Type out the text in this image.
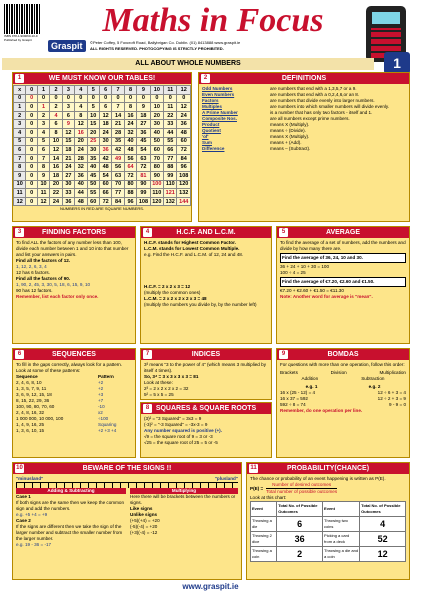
ISBN 978-1-909060-10-9
Published by Graspit
Maths in Focus
Graspit	©Peter Coffey, 5 Foxcroft Road, Ballybrigan Co. Dublin. (01) 8413888 www.graspit.ie
ALL RIGHTS RESERVED. PHOTOCOPYING IS STRICTLY PROHIBITED.
ALL ABOUT WHOLE NUMBERS	1
1	WE MUST KNOW OUR TABLES!
x	0	1	2	3	4	5	6	7	8	9	10	11	12
0	0	0	0	0	0	0	0	0	0	0	0	0	0
1	0	1	2	3	4	5	6	7	8	9	10	11	12
2	0	2	4	6	8	10	12	14	16	18	20	22	24
3	0	3	6	9	12	15	18	21	24	27	30	33	36
4	0	4	8	12	16	20	24	28	32	36	40	44	48
5	0	5	10	15	20	25	30	35	40	45	50	55	60
6	0	6	12	18	24	30	36	42	48	54	60	66	72
7	0	7	14	21	28	35	42	49	56	63	70	77	84
8	0	8	16	24	32	40	48	56	64	72	80	88	96
9	0	9	18	27	36	45	54	63	72	81	90	99	108
10	0	10	20	30	40	50	60	70	80	90	100	110	120
11	0	11	22	33	44	55	66	77	88	99	110	121	132
12	0	12	24	36	48	60	72	84	96	108	120	132	144
NUMBERS IN RED ARE SQUARE NUMBERS.
2	DEFINITIONS
Odd Numbers	are numbers that end with a 1,3,5,7 or a 9.
Even Numbers	are numbers that end with a 0,2,4,6,or an 8.
Factors	are numbers that divide evenly into larger numbers.
Multiples	are numbers into which smaller numbers will divide evenly.
A Prime Number	is a number that has only two factors - itself and 1.
Composite Nos.	are all numbers except prime numbers.
Product	means X (Multiply).
Quotient	means ÷ (Divide).
'of'	means X (Multiply).
Sum	means + (Add).
Difference	means – (Subtract).
3	FINDING FACTORS
To find ALL the factors of any number less than 100, divide each number between 1 and 10 into that number and list your answers in pairs.
Find all the factors of 12.
1, 12, 2, 6, 3, 4
12 has 6 factors.
Find all the factors of 90.
1, 90, 2, 45, 3, 30, 5, 18, 6, 15, 9, 10
90 has 12 factors.
Remember, list each factor only once.
4	H.C.F. AND L.C.M.
H.C.F. stands for Highest Common Factor.
L.C.M. stands for Lowest Common Multiple.
e.g. Find the H.C.F. and L.C.M. of 12, 24 and 48.
H.C.F. = 2 x 2 x 3 = 12
(multiply the common ones)
L.C.M. = 2 x 2 x 2 x 2 x 3 = 48
(multiply the numbers you divide by, by the number left)
5	AVERAGE
To find the average of a set of numbers, add the numbers and divide by how many there are.
Find the average of 36, 24, 10 and 30.
36 + 24 + 10 + 30 = 100
100 ÷ 4 = 25
Find the average of €7.20, €2.60 and €1.50.
€7.20 + €2.60 + €1.50 = €11.30
Note: Another word for average is "mean".
6	SEQUENCES
To fill in the gaps correctly, always look for a pattern. Look at some of these patterns:
Sequence	Pattern
2, 4, 6, 8, 10	+2
1, 3, 5, 7, 9, 11	+2
3, 6, 9, 12, 15, 18	+3
8, 15, 22, 29, 36	+7
100, 90, 80, 70, 60	-10
2, 4, 8, 16, 32	x2
1 000 000, 10 000, 100	÷100
1, 4, 9, 16, 25	Squaring
1, 3, 6, 10, 15	+2 +3 +4
7	INDICES
3³ means "3 to the power of 4" (which means 3 multiplied by itself 4 times).
So, 3⁴ = 3 x 3 x 3 x 3 = 81
Look at these:
2³ = 2 x 2 x 2 x 2 = 32
5² = 5 x 5 = 25
8 SQUARES & SQUARE ROOTS
(3)² = "3 Squared" = 3x3 = 9
(-3)² = "-3 Squared" = -3x-3 = 9
Any number squared is positive (+).
√9 = the square root of 9 = 3 or -3
√25 = the square root of 25 = 5 or -5
9	BOMDAS
For questions with more than one operation, follow this order:
Brackets	Division	Multiplication
Addition	Subtraction
e.g. 1	e.g. 2
16 x (25 - 12) = 4	12 ÷ 6 + 3 = 4
16 x 37 = 592	12 ÷ 2 + 3 = 9
592 ÷ 8 = 74	9 - 9 = 0
Remember, do one operation per line.
10	BEWARE OF THE SIGNS !!
"minusland"	"plusland"
Adding & Subtracting
Case 1
If both signs are the same then we keep the common sign and add the numbers.
e.g. +5 +4 = +9
Case 2
If the signs are different then we take the sign of the larger number and subtract the smaller number from the larger number.
e.g. 19 - 36 = -17
Multiplying
Here there will be brackets between the numbers or signs.
Like signs
Unlike signs
(+5)(+4) = +20
(-5)(-4) = +20
(+3)(-4) = -12
11	PROBABILITY(CHANCE)
The chance or probability of an event happening is written as P(E).
P(E) =
Number of desired outcomes
Total number of possible outcomes
Look at this chart:
Event	Total No. of Possible Outcomes	Event	Total No. of Possible Outcomes
Throwing a die	6	Throwing two coins	4
Throwing 2 dice	36	Picking a card from a deck	52
Throwing a coin	2	Throwing a die and a coin	12
www.graspit.ie
